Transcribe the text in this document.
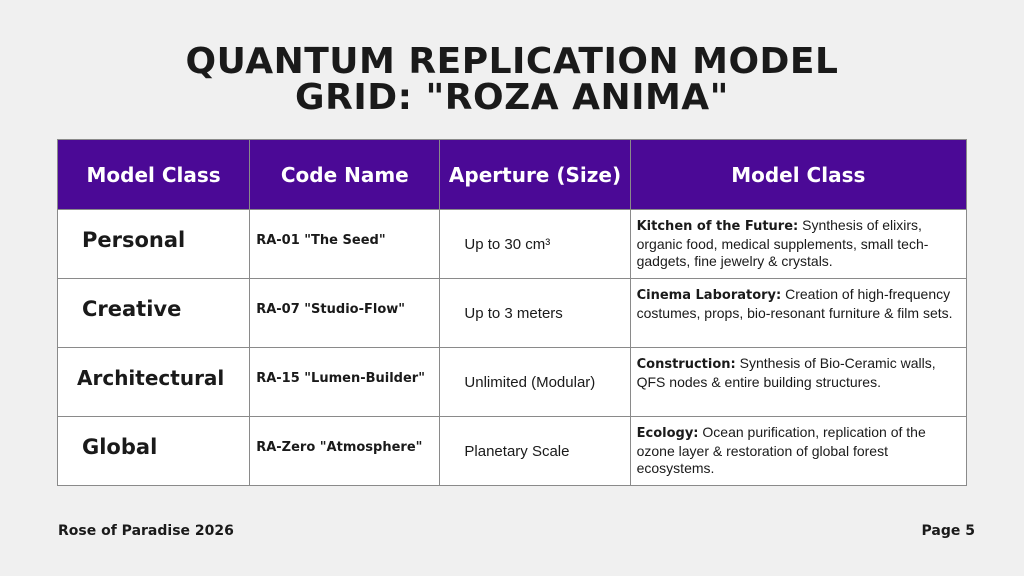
QUANTUM REPLICATION MODEL
GRID: "ROZA ANIMA"
Model Class	Code Name	Aperture (Size)	Model Class

Personal	RA-01 "The Seed"	Up to 30 cm³	Kitchen of the Future: Synthesis of elixirs, organic food, medical supplements, small tech-gadgets, fine jewelry & crystals.

Creative	RA-07 "Studio-Flow"	Up to 3 meters	Cinema Laboratory: Creation of high-frequency costumes, props, bio-resonant furniture & film sets.

Architectural	RA-15 "Lumen-Builder"	Unlimited (Modular)	Construction: Synthesis of Bio-Ceramic walls, QFS nodes & entire building structures.

Global	RA-Zero "Atmosphere"	Planetary Scale	Ecology: Ocean purification, replication of the ozone layer & restoration of global forest ecosystems.
Rose of Paradise 2026	Page 5
